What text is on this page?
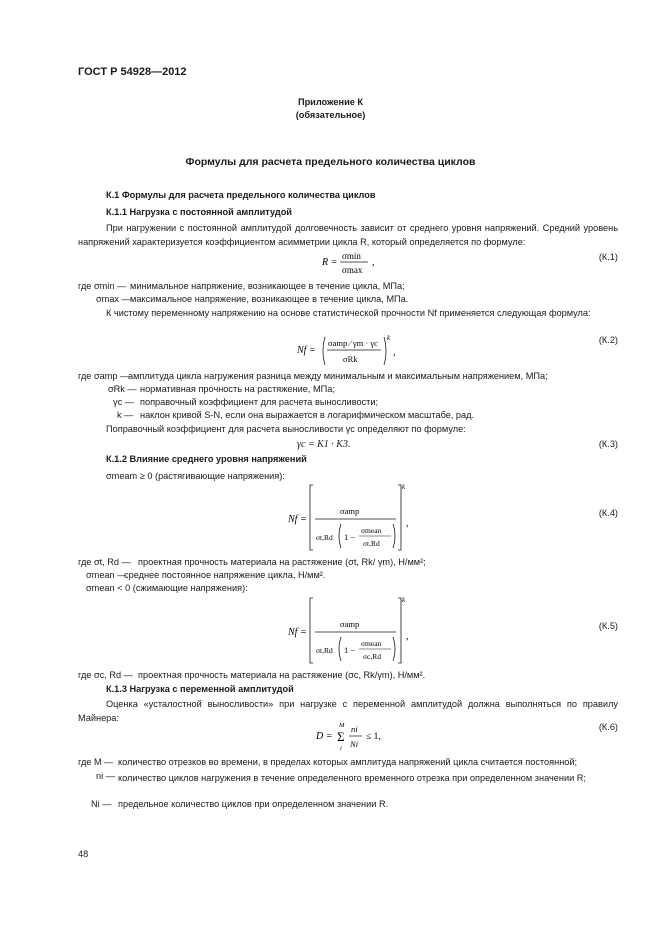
ГОСТ Р 54928—2012
Приложение К
(обязательное)
Формулы для расчета предельного количества циклов
К.1 Формулы для расчета предельного количества циклов
К.1.1 Нагрузка с постоянной амплитудой
При нагружении с постоянной амплитудой долговечность зависит от среднего уровня напряжений. Средний уровень напряжений характеризуется коэффициентом асимметрии цикла R, который определяется по формуле:
R =
σmin
σmax
,	(К.1)
где σmin — минимальное напряжение, возникающее в течение цикла, МПа;
σmax — максимальное напряжение, возникающее в течение цикла, МПа.
К чистому переменному напряжению на основе статистической прочности Nf применяется следующая формула:
Nf =
σamp ⁄ γm · γc
σRk
k
,
(К.2)
где σamp —
амплитуда цикла нагружения разница между минимальным и максимальным напряжением, МПа;
σRk — нормативная прочность на растяжение, МПа;
γc — поправочный коэффициент для расчета выносливости;
k — наклон кривой S-N, если она выражается в логарифмическом масштабе, рад.
Поправочный коэффициент для расчета выносливости γc определяют по формуле:
γc = K1 · K3.	(К.3)
К.1.2 Влияние среднего уровня напряжений
σmeam ≥ 0 (растягивающие напряжения):
Nf =
σamp
σt,Rd 1 −
σmean
σt,Rd
k
,
(К.4)
где σt, Rd — проектная прочность материала на растяжение (σt, Rk/ γm), Н/мм²;
σmean —
среднее постоянное напряжение цикла, Н/мм².
σmean < 0 (сжимающие напряжения):
Nf =
σamp
σt,Rd 1 −
σmean
σc,Rd
k
,
(К.5)
где σc, Rd — проектная прочность материала на растяжение (σc, Rk/γm), Н/мм².
К.1.3 Нагрузка с переменной амплитудой
Оценка «усталостной выносливости» при нагрузке с переменной амплитудой должна выполняться по правилу Майнера:
D =
M
Σ
i
ni
Ni
≤ 1,
(К.6)
где M — количество отрезков во времени, в пределах которых амплитуда напряжений цикла считается постоянной;
ni — количество циклов нагружения в течение определенного временного отрезка при определенном значении R;
Ni — предельное количество циклов при определенном значении R.
48
